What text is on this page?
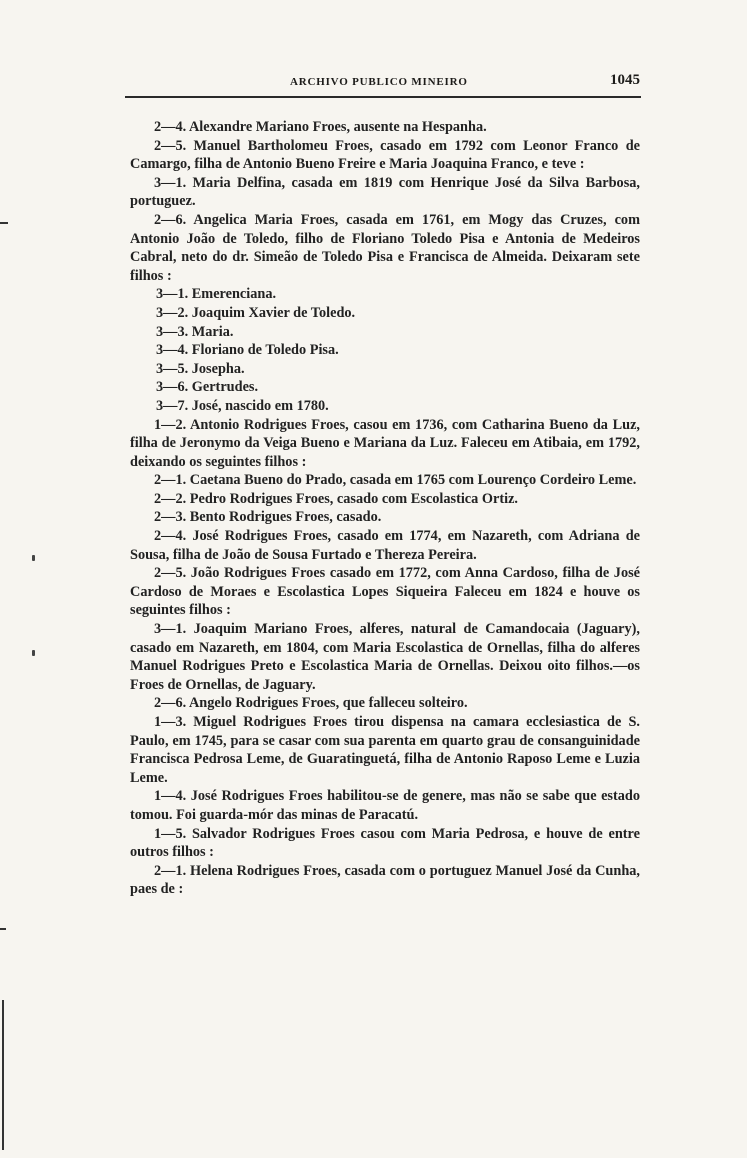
ARCHIVO PUBLICO MINEIRO	1045

2—4. Alexandre Mariano Froes, ausente na Hespanha.

2—5. Manuel Bartholomeu Froes, casado em 1792 com Leonor Franco de Camargo, filha de Antonio Bueno Freire e Maria Joaquina Franco, e teve :

3—1. Maria Delfina, casada em 1819 com Henrique José da Silva Barbosa, portuguez.

2—6. Angelica Maria Froes, casada em 1761, em Mogy das Cruzes, com Antonio João de Toledo, filho de Floriano Toledo Pisa e Antonia de Medeiros Cabral, neto do dr. Simeão de Toledo Pisa e Francisca de Almeida. Deixaram sete filhos :

3—1. Emerenciana.
3—2. Joaquim Xavier de Toledo.
3—3. Maria.
3—4. Floriano de Toledo Pisa.
3—5. Josepha.
3—6. Gertrudes.
3—7. José, nascido em 1780.

1—2. Antonio Rodrigues Froes, casou em 1736, com Catharina Bueno da Luz, filha de Jeronymo da Veiga Bueno e Mariana da Luz. Faleceu em Atibaia, em 1792, deixando os seguintes filhos :

2—1. Caetana Bueno do Prado, casada em 1765 com Lourenço Cordeiro Leme.

2—2. Pedro Rodrigues Froes, casado com Escolastica Ortiz.

2—3. Bento Rodrigues Froes, casado.

2—4. José Rodrigues Froes, casado em 1774, em Nazareth, com Adriana de Sousa, filha de João de Sousa Furtado e Thereza Pereira.

2—5. João Rodrigues Froes casado em 1772, com Anna Cardoso, filha de José Cardoso de Moraes e Escolastica Lopes Siqueira Faleceu em 1824 e houve os seguintes filhos :

3—1. Joaquim Mariano Froes, alferes, natural de Camandocaia (Jaguary), casado em Nazareth, em 1804, com Maria Escolastica de Ornellas, filha do alferes Manuel Rodrigues Preto e Escolastica Maria de Ornellas. Deixou oito filhos.—os Froes de Ornellas, de Jaguary.

2—6. Angelo Rodrigues Froes, que falleceu solteiro.

1—3. Miguel Rodrigues Froes tirou dispensa na camara ecclesiastica de S. Paulo, em 1745, para se casar com sua parenta em quarto grau de consanguinidade Francisca Pedrosa Leme, de Guaratinguetá, filha de Antonio Raposo Leme e Luzia Leme.

1—4. José Rodrigues Froes habilitou-se de genere, mas não se sabe que estado tomou. Foi guarda-mór das minas de Paracatú.

1—5. Salvador Rodrigues Froes casou com Maria Pedrosa, e houve de entre outros filhos :

2—1. Helena Rodrigues Froes, casada com o portuguez Manuel José da Cunha, paes de :
